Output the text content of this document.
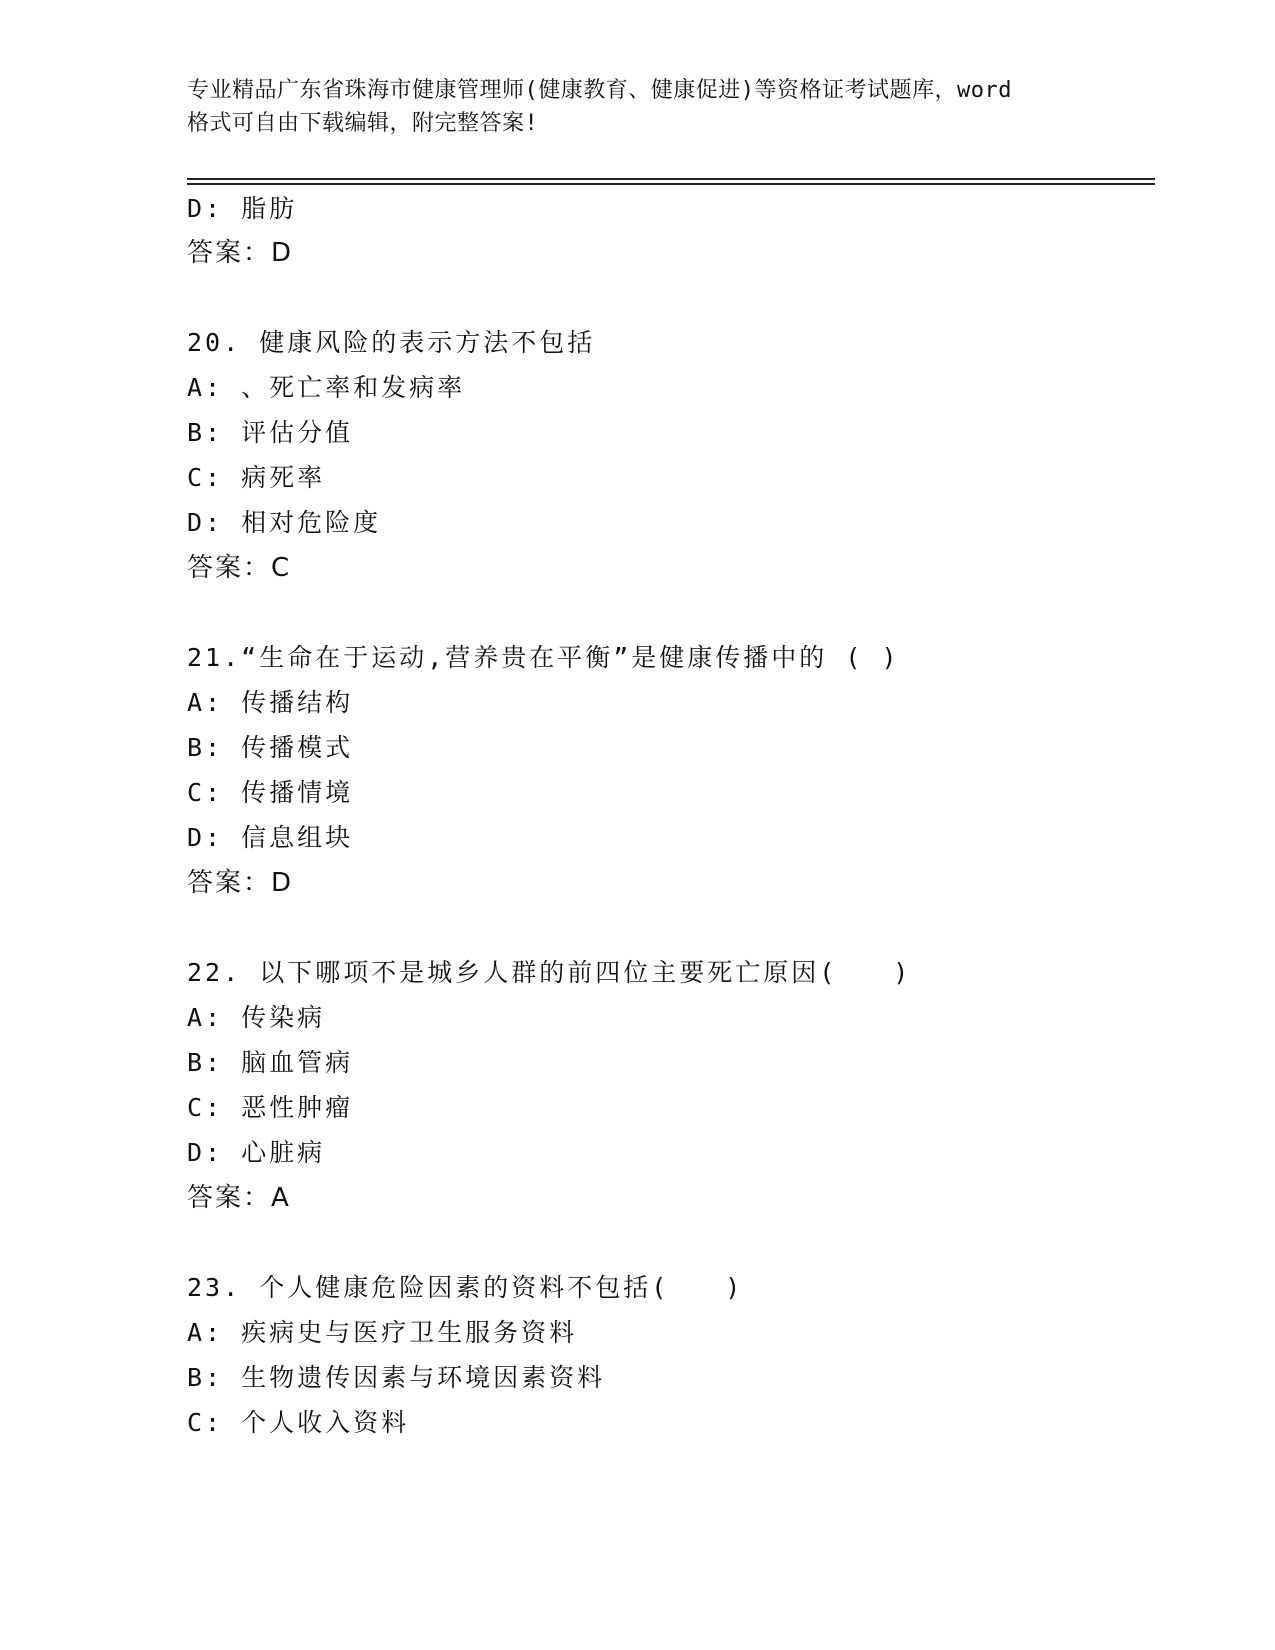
专业精品广东省珠海市健康管理师(健康教育、健康促进)等资格证考试题库，word
格式可自由下载编辑，附完整答案!
D: 脂肪
答案：D
20. 健康风险的表示方法不包括
A: 、死亡率和发病率
B: 评估分值
C: 病死率
D: 相对危险度
答案：C
21.“生命在于运动,营养贵在平衡”是健康传播中的 ( )
A: 传播结构
B: 传播模式
C: 传播情境
D: 信息组块
答案：D
22. 以下哪项不是城乡人群的前四位主要死亡原因(　　)
A: 传染病
B: 脑血管病
C: 恶性肿瘤
D: 心脏病
答案：A
23. 个人健康危险因素的资料不包括(　　)
A: 疾病史与医疗卫生服务资料
B: 生物遗传因素与环境因素资料
C: 个人收入资料
